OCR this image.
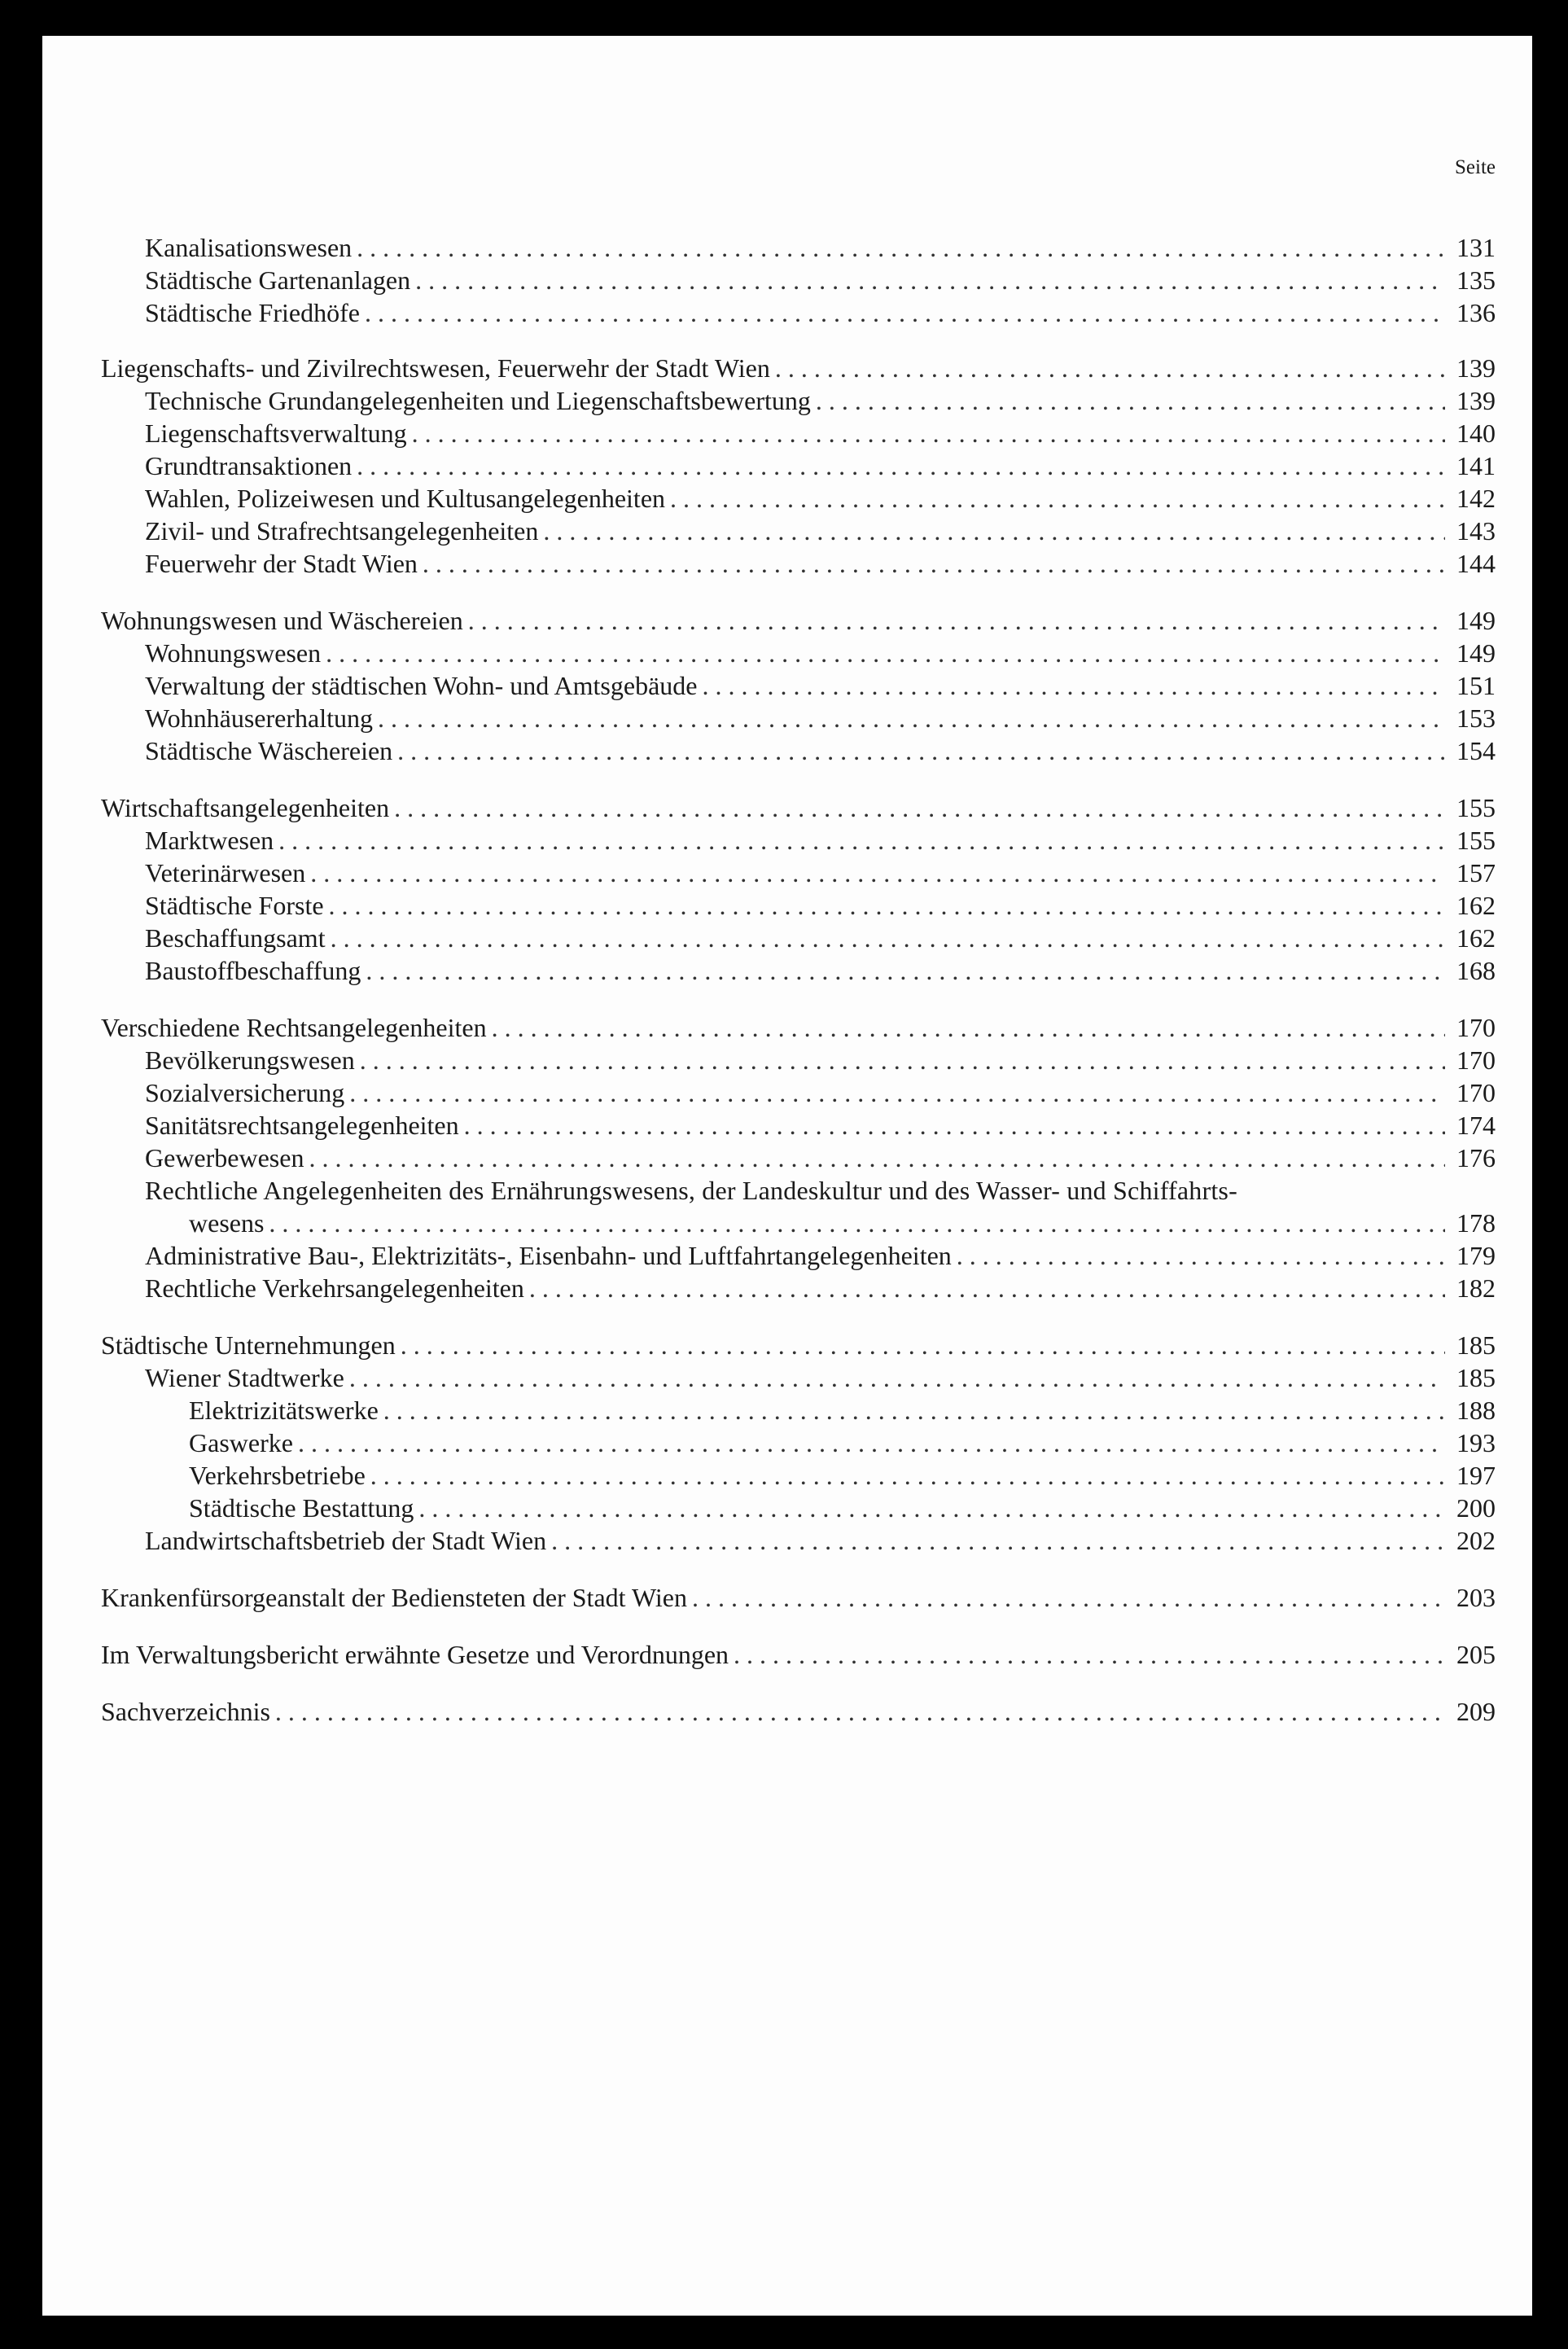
Seite
Kanalisationswesen . . .	131
Städtische Gartenanlagen . . .	135
Städtische Friedhöfe . . .	136
Liegenschafts- und Zivilrechtswesen, Feuerwehr der Stadt Wien . . .	139
Technische Grundangelegenheiten und Liegenschaftsbewertung . . .	139
Liegenschaftsverwaltung . . .	140
Grundtransaktionen . . .	141
Wahlen, Polizeiwesen und Kultusangelegenheiten . . .	142
Zivil- und Strafrechtsangelegenheiten . . .	143
Feuerwehr der Stadt Wien . . .	144
Wohnungswesen und Wäschereien . . .	149
Wohnungswesen . . .	149
Verwaltung der städtischen Wohn- und Amtsgebäude . . .	151
Wohnhäusererhaltung . . .	153
Städtische Wäschereien . . .	154
Wirtschaftsangelegenheiten . . .	155
Marktwesen . . .	155
Veterinärwesen . . .	157
Städtische Forste . . .	162
Beschaffungsamt . . .	162
Baustoffbeschaffung . . .	168
Verschiedene Rechtsangelegenheiten . . .	170
Bevölkerungswesen . . .	170
Sozialversicherung . . .	170
Sanitätsrechtsangelegenheiten . . .	174
Gewerbewesen . . .	176
Rechtliche Angelegenheiten des Ernährungswesens, der Landeskultur und des Wasser- und Schiffahrts-
wesens . . .	178
Administrative Bau-, Elektrizitäts-, Eisenbahn- und Luftfahrtangelegenheiten . . .	179
Rechtliche Verkehrsangelegenheiten . . .	182
Städtische Unternehmungen . . .	185
Wiener Stadtwerke . . .	185
Elektrizitätswerke . . .	188
Gaswerke . . .	193
Verkehrsbetriebe . . .	197
Städtische Bestattung . . .	200
Landwirtschaftsbetrieb der Stadt Wien . . .	202
Krankenfürsorgeanstalt der Bediensteten der Stadt Wien . . .	203
Im Verwaltungsbericht erwähnte Gesetze und Verordnungen . . .	205
Sachverzeichnis . . .	209
